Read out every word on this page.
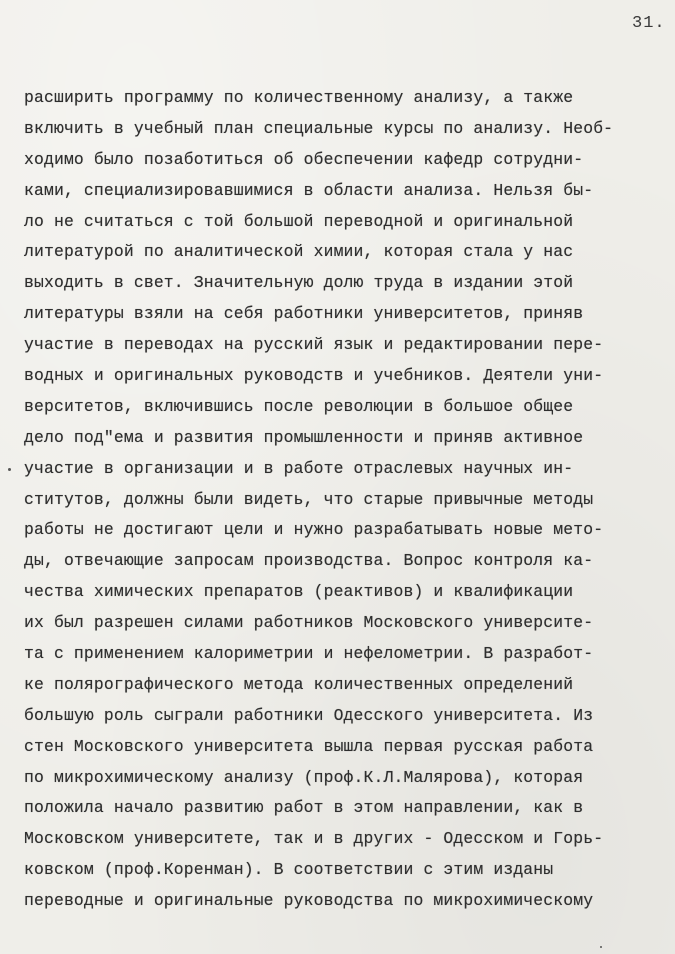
31.
расширить программу по количественному анализу, а также
включить в учебный план специальные курсы по анализу. Необ-
ходимо было позаботиться об обеспечении кафедр сотрудни-
ками, специализировавшимися в области анализа. Нельзя бы-
ло не считаться с той большой переводной и оригинальной
литературой по аналитической химии, которая стала у нас
выходить в свет. Значительную долю труда в издании этой
литературы взяли на себя работники университетов, приняв
участие в переводах на русский язык и редактировании пере-
водных и оригинальных руководств и учебников. Деятели уни-
верситетов, включившись после революции в большое общее
дело под"ема и развития промышленности и приняв активное
участие в организации и в работе отраслевых научных ин-
ститутов, должны были видеть, что старые привычные методы
работы не достигают цели и нужно разрабатывать новые мето-
ды, отвечающие запросам производства. Вопрос контроля ка-
чества химических препаратов (реактивов) и квалификации
их был разрешен силами работников Московского университе-
та с применением калориметрии и нефелометрии. В разработ-
ке полярографического метода количественных определений
большую роль сыграли работники Одесского университета. Из
стен Московского университета вышла первая русская работа
по микрохимическому анализу (проф.К.Л.Малярова), которая
положила начало развитию работ в этом направлении, как в
Московском университете, так и в других - Одесском и Горь-
ковском (проф.Коренман). В соответствии с этим изданы
переводные и оригинальные руководства по микрохимическому
